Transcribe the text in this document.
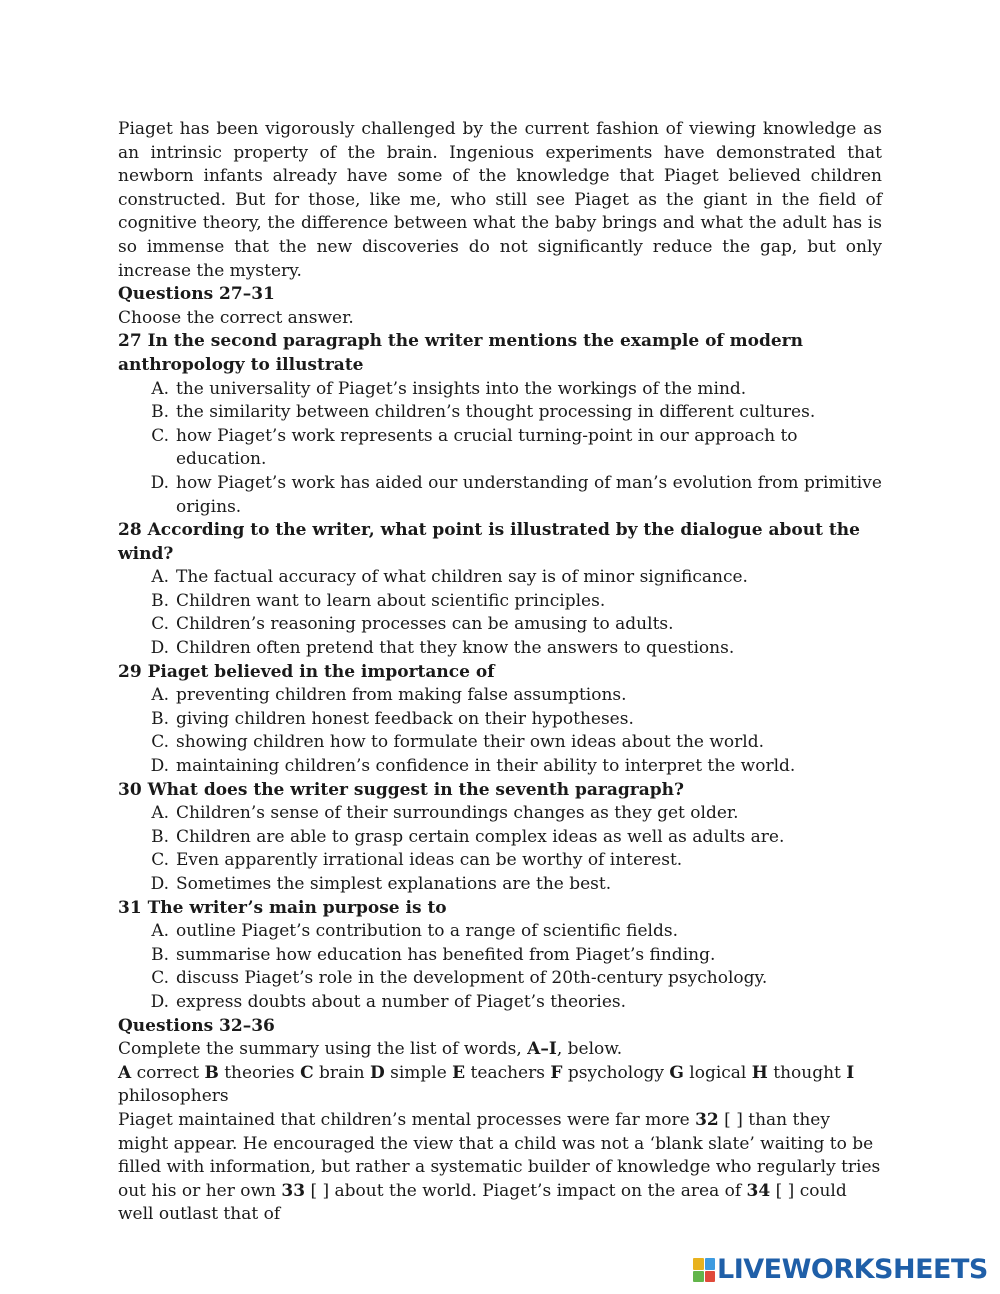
Piaget has been vigorously challenged by the current fashion of viewing knowledge as an intrinsic property of the brain. Ingenious experiments have demonstrated that newborn infants already have some of the knowledge that Piaget believed children constructed. But for those, like me, who still see Piaget as the giant in the field of cognitive theory, the difference between what the baby brings and what the adult has is so immense that the new discoveries do not significantly reduce the gap, but only increase the mystery.

Questions 27–31

Choose the correct answer.

27 In the second paragraph the writer mentions the example of modern anthropology to illustrate

A. the universality of Piaget’s insights into the workings of the mind.
B. the similarity between children’s thought processing in different cultures.
C. how Piaget’s work represents a crucial turning-point in our approach to education.
D. how Piaget’s work has aided our understanding of man’s evolution from primitive origins.

28 According to the writer, what point is illustrated by the dialogue about the wind?

A. The factual accuracy of what children say is of minor significance.
B. Children want to learn about scientific principles.
C. Children’s reasoning processes can be amusing to adults.
D. Children often pretend that they know the answers to questions.

29 Piaget believed in the importance of

A. preventing children from making false assumptions.
B. giving children honest feedback on their hypotheses.
C. showing children how to formulate their own ideas about the world.
D. maintaining children’s confidence in their ability to interpret the world.

30 What does the writer suggest in the seventh paragraph?

A. Children’s sense of their surroundings changes as they get older.
B. Children are able to grasp certain complex ideas as well as adults are.
C. Even apparently irrational ideas can be worthy of interest.
D. Sometimes the simplest explanations are the best.

31 The writer’s main purpose is to

A. outline Piaget’s contribution to a range of scientific fields.
B. summarise how education has benefited from Piaget’s finding.
C. discuss Piaget’s role in the development of 20th-century psychology.
D. express doubts about a number of Piaget’s theories.

Questions 32–36

Complete the summary using the list of words, A–I, below.

A correct B theories C brain D simple E teachers F psychology G logical H thought I philosophers

Piaget maintained that children’s mental processes were far more 32 [ ] than they might appear. He encouraged the view that a child was not a ‘blank slate’ waiting to be filled with information, but rather a systematic builder of knowledge who regularly tries out his or her own 33 [ ] about the world. Piaget’s impact on the area of 34 [ ] could well outlast that of

LIVEWORKSHEETS
